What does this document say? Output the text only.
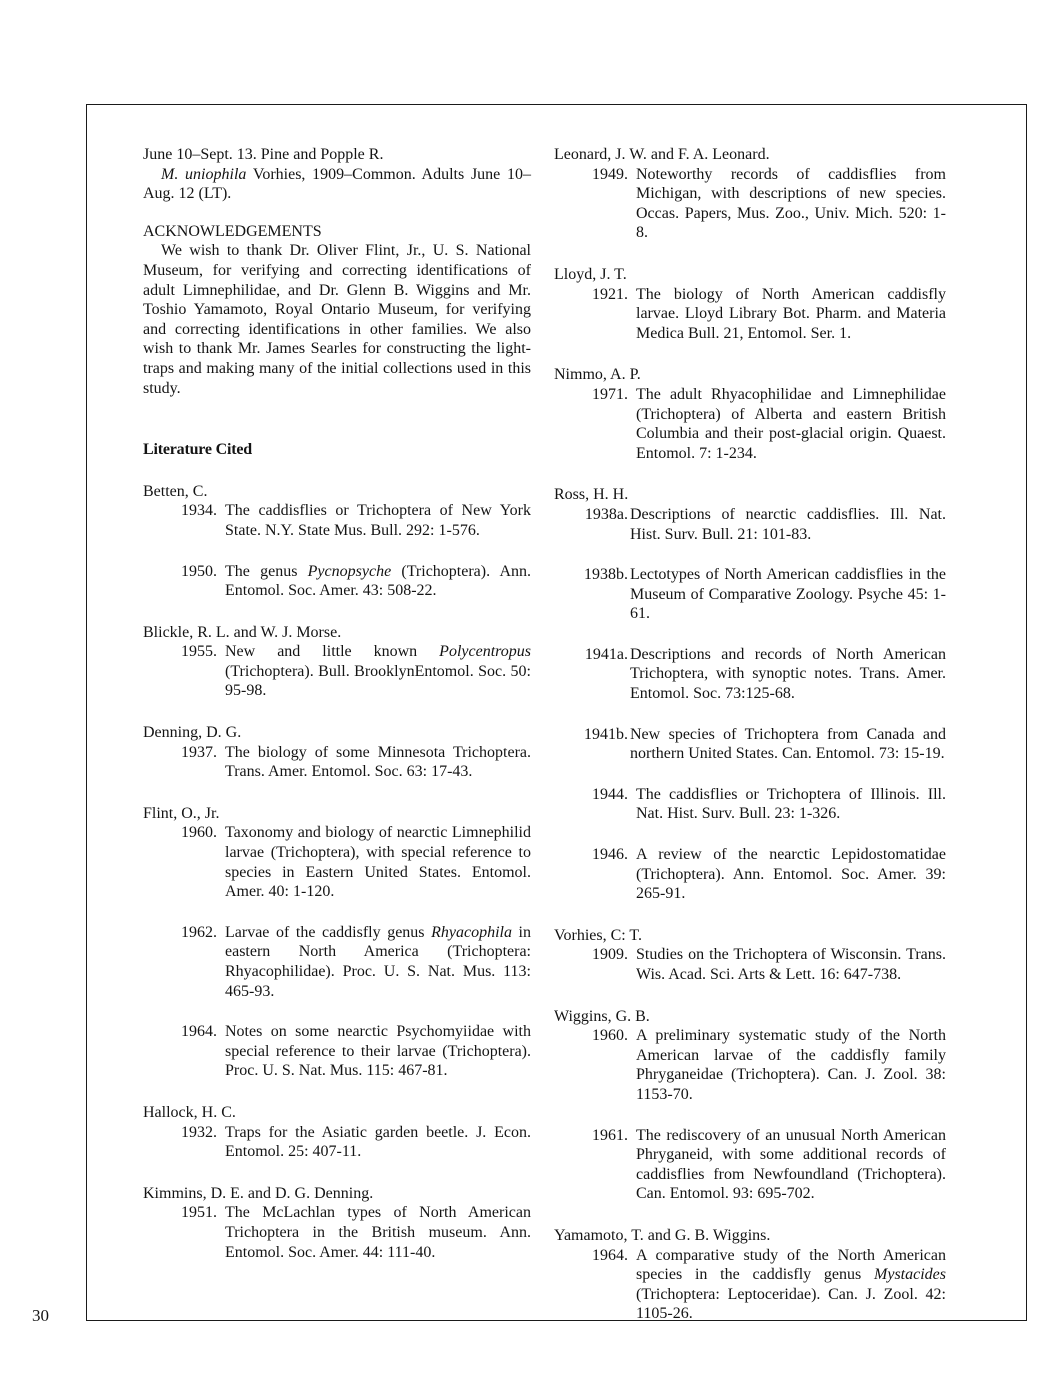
June 10–Sept. 13. Pine and Popple R.

M. uniophila Vorhies, 1909–Common. Adults June 10–Aug. 12 (LT).

ACKNOWLEDGEMENTS

We wish to thank Dr. Oliver Flint, Jr., U. S. National Museum, for verifying and correcting identifications of adult Limnephilidae, and Dr. Glenn B. Wiggins and Mr. Toshio Yamamoto, Royal Ontario Museum, for verifying and correcting identifications in other families. We also wish to thank Mr. James Searles for constructing the light-traps and making many of the initial collections used in this study.

Literature Cited

Betten, C.

1934. The caddisflies or Trichoptera of New York State. N.Y. State Mus. Bull. 292: 1-576.
1950. The genus Pycnopsyche (Trichoptera). Ann. Entomol. Soc. Amer. 43: 508-22.

Blickle, R. L. and W. J. Morse.

1955. New and little known Polycentropus (Trichoptera). Bull. BrooklynEntomol. Soc. 50: 95-98.

Denning, D. G.

1937. The biology of some Minnesota Trichoptera. Trans. Amer. Entomol. Soc. 63: 17-43.

Flint, O., Jr.

1960. Taxonomy and biology of nearctic Limnephilid larvae (Trichoptera), with special reference to species in Eastern United States. Entomol. Amer. 40: 1-120.
1962. Larvae of the caddisfly genus Rhyacophila in eastern North America (Trichoptera: Rhyacophilidae). Proc. U. S. Nat. Mus. 113: 465-93.
1964. Notes on some nearctic Psychomyiidae with special reference to their larvae (Trichoptera). Proc. U. S. Nat. Mus. 115: 467-81.

Hallock, H. C.

1932. Traps for the Asiatic garden beetle. J. Econ. Entomol. 25: 407-11.

Kimmins, D. E. and D. G. Denning.

1951. The McLachlan types of North American Trichoptera in the British museum. Ann. Entomol. Soc. Amer. 44: 111-40.

Leonard, J. W. and F. A. Leonard.

1949. Noteworthy records of caddisflies from Michigan, with descriptions of new species. Occas. Papers, Mus. Zoo., Univ. Mich. 520: 1-8.

Lloyd, J. T.

1921. The biology of North American caddisfly larvae. Lloyd Library Bot. Pharm. and Materia Medica Bull. 21, Entomol. Ser. 1.

Nimmo, A. P.

1971. The adult Rhyacophilidae and Limnephilidae (Trichoptera) of Alberta and eastern British Columbia and their post-glacial origin. Quaest. Entomol. 7: 1-234.

Ross, H. H.

1938a. Descriptions of nearctic caddisflies. Ill. Nat. Hist. Surv. Bull. 21: 101-83.
1938b. Lectotypes of North American caddisflies in the Museum of Comparative Zoology. Psyche 45: 1-61.
1941a. Descriptions and records of North American Trichoptera, with synoptic notes. Trans. Amer. Entomol. Soc. 73:125-68.
1941b. New species of Trichoptera from Canada and northern United States. Can. Entomol. 73: 15-19.
1944. The caddisflies or Trichoptera of Illinois. Ill. Nat. Hist. Surv. Bull. 23: 1-326.
1946. A review of the nearctic Lepidostomatidae (Trichoptera). Ann. Entomol. Soc. Amer. 39: 265-91.

Vorhies, C: T.

1909. Studies on the Trichoptera of Wisconsin. Trans. Wis. Acad. Sci. Arts & Lett. 16: 647-738.

Wiggins, G. B.

1960. A preliminary systematic study of the North American larvae of the caddisfly family Phryganeidae (Trichoptera). Can. J. Zool. 38: 1153-70.
1961. The rediscovery of an unusual North American Phryganeid, with some additional records of caddisflies from Newfoundland (Trichoptera). Can. Entomol. 93: 695-702.

Yamamoto, T. and G. B. Wiggins.

1964. A comparative study of the North American species in the caddisfly genus Mystacides (Trichoptera: Leptoceridae). Can. J. Zool. 42: 1105-26.
30
